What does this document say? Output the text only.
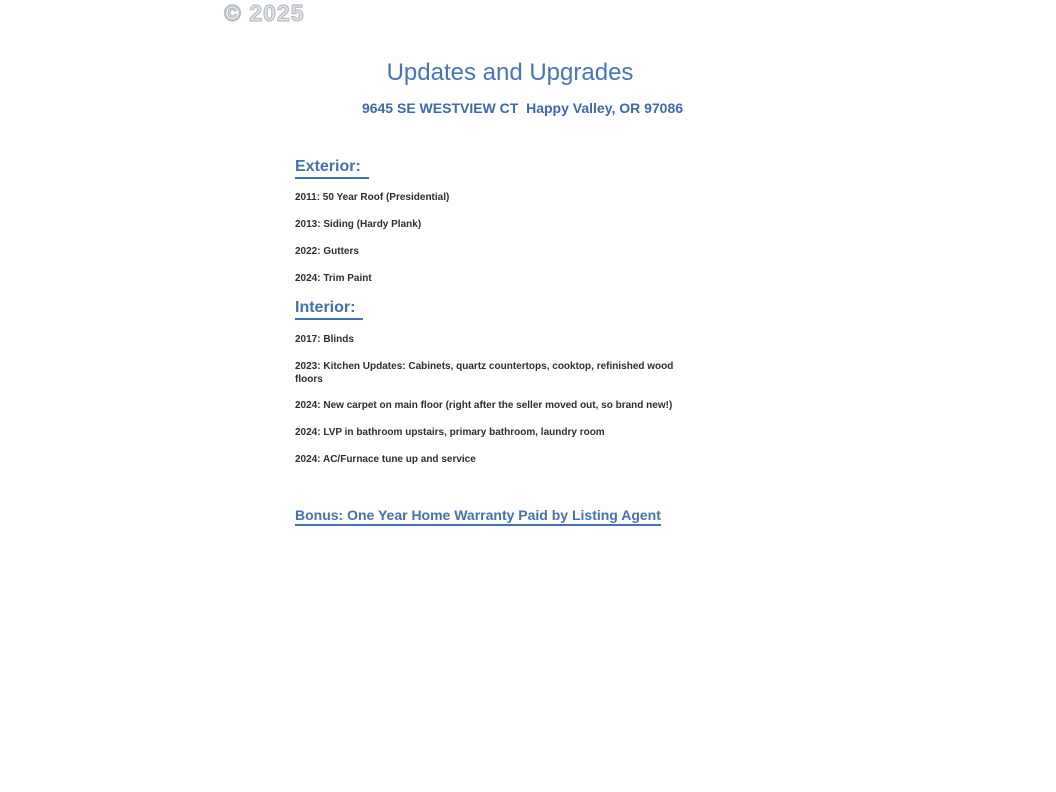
© 2025
Updates and Upgrades
9645 SE WESTVIEW CT  Happy Valley, OR 97086
Exterior:
2011: 50 Year Roof (Presidential)
2013: Siding (Hardy Plank)
2022: Gutters
2024: Trim Paint
Interior:
2017: Blinds
2023: Kitchen Updates: Cabinets, quartz countertops, cooktop, refinished wood floors
2024: New carpet on main floor (right after the seller moved out, so brand new!)
2024: LVP in bathroom upstairs, primary bathroom, laundry room
2024: AC/Furnace tune up and service
Bonus: One Year Home Warranty Paid by Listing Agent
